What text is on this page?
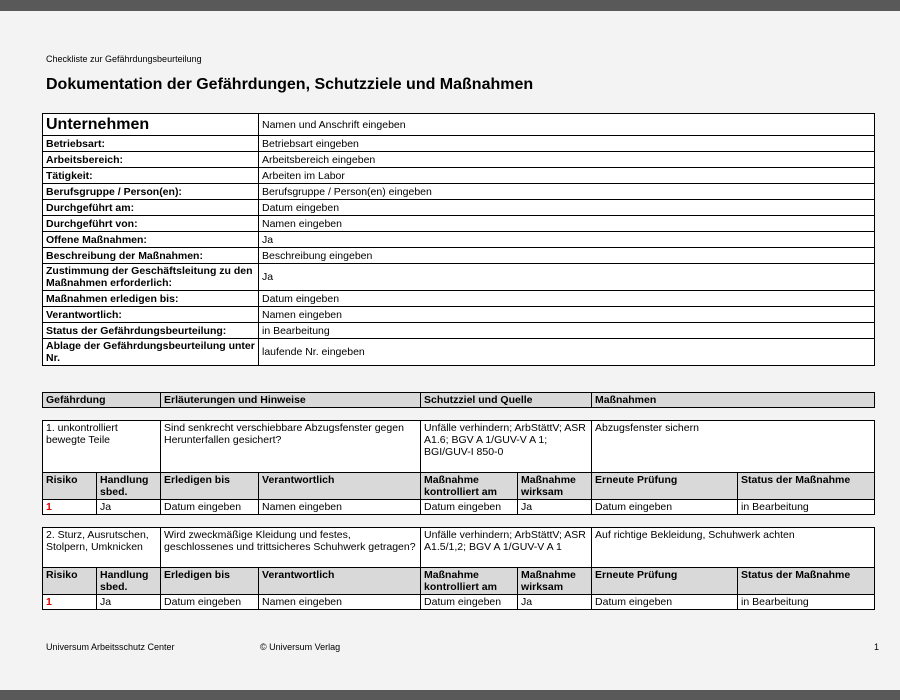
Checkliste zur Gefährdungsbeurteilung
Dokumentation der Gefährdungen, Schutzziele und Maßnahmen
Unternehmen	Namen und Anschrift eingeben
Betriebsart:	Betriebsart eingeben
Arbeitsbereich:	Arbeitsbereich eingeben
Tätigkeit:	Arbeiten im Labor
Berufsgruppe / Person(en):	Berufsgruppe / Person(en) eingeben
Durchgeführt am:	Datum eingeben
Durchgeführt von:	Namen eingeben
Offene Maßnahmen:	Ja
Beschreibung der Maßnahmen:	Beschreibung eingeben
Zustimmung der Geschäftsleitung zu den Maßnahmen erforderlich:	Ja
Maßnahmen erledigen bis:	Datum eingeben
Verantwortlich:	Namen eingeben
Status der Gefährdungsbeurteilung:	in Bearbeitung
Ablage der Gefährdungsbeurteilung unter Nr.	laufende Nr. eingeben
Gefährdung	Erläuterungen und Hinweise	Schutzziel und Quelle	Maßnahmen
1. unkontrolliert bewegte Teile		Sind senkrecht verschiebbare Abzugsfenster gegen Herunterfallen gesichert?		Unfälle verhindern; ArbStättV; ASR A1.6; BGV A 1/GUV-V A 1; BGI/GUV-I 850-0		Abzugsfenster sichern	
Risiko	Handlung sbed.	Erledigen bis	Verantwortlich	Maßnahme kontrolliert am	Maßnahme wirksam	Erneute Prüfung	Status der Maßnahme
1	Ja	Datum eingeben	Namen eingeben	Datum eingeben	Ja	Datum eingeben	in Bearbeitung
2. Sturz, Ausrutschen, Stolpern, Umknicken		Wird zweckmäßige Kleidung und festes, geschlossenes und trittsicheres Schuhwerk getragen?		Unfälle verhindern; ArbStättV; ASR A1.5/1,2; BGV A 1/GUV-V A 1		Auf richtige Bekleidung, Schuhwerk achten	
Risiko	Handlung sbed.	Erledigen bis	Verantwortlich	Maßnahme kontrolliert am	Maßnahme wirksam	Erneute Prüfung	Status der Maßnahme
1	Ja	Datum eingeben	Namen eingeben	Datum eingeben	Ja	Datum eingeben	in Bearbeitung
Universum Arbeitsschutz Center	© Universum Verlag	1
